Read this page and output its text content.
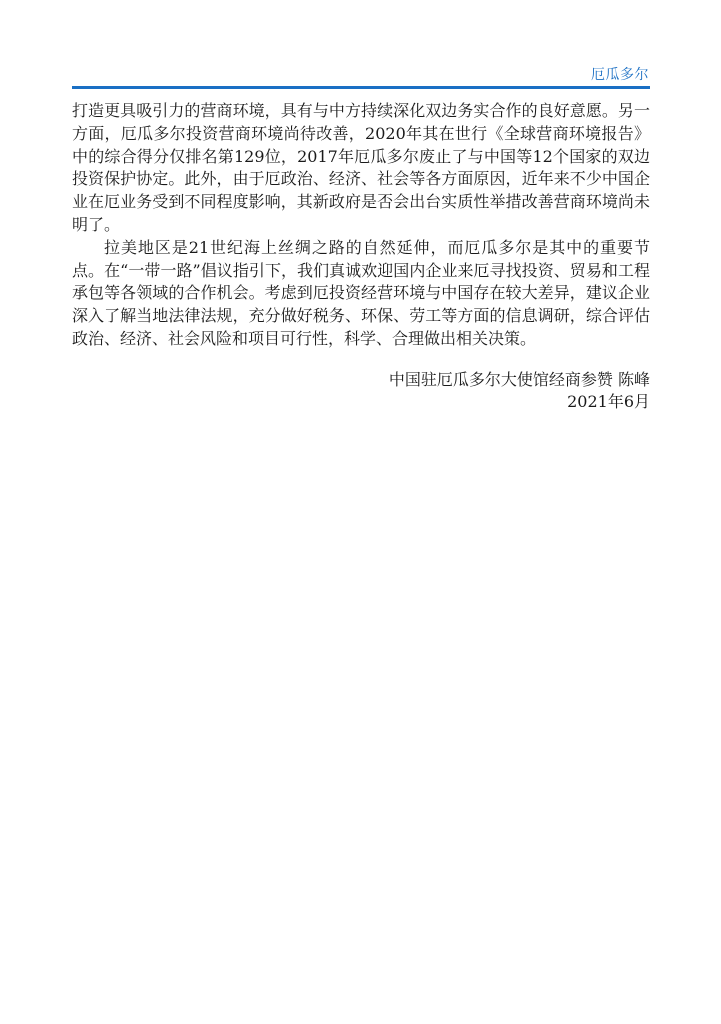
厄瓜多尔

打造更具吸引力的营商环境，具有与中方持续深化双边务实合作的良好意愿。另一方面，厄瓜多尔投资营商环境尚待改善，2020年其在世行《全球营商环境报告》中的综合得分仅排名第129位，2017年厄瓜多尔废止了与中国等12个国家的双边投资保护协定。此外，由于厄政治、经济、社会等各方面原因，近年来不少中国企业在厄业务受到不同程度影响，其新政府是否会出台实质性举措改善营商环境尚未明了。

拉美地区是21世纪海上丝绸之路的自然延伸，而厄瓜多尔是其中的重要节点。在“一带一路”倡议指引下，我们真诚欢迎国内企业来厄寻找投资、贸易和工程承包等各领域的合作机会。考虑到厄投资经营环境与中国存在较大差异，建议企业深入了解当地法律法规，充分做好税务、环保、劳工等方面的信息调研，综合评估政治、经济、社会风险和项目可行性，科学、合理做出相关决策。

中国驻厄瓜多尔大使馆经商参赞 陈峰
2021年6月
